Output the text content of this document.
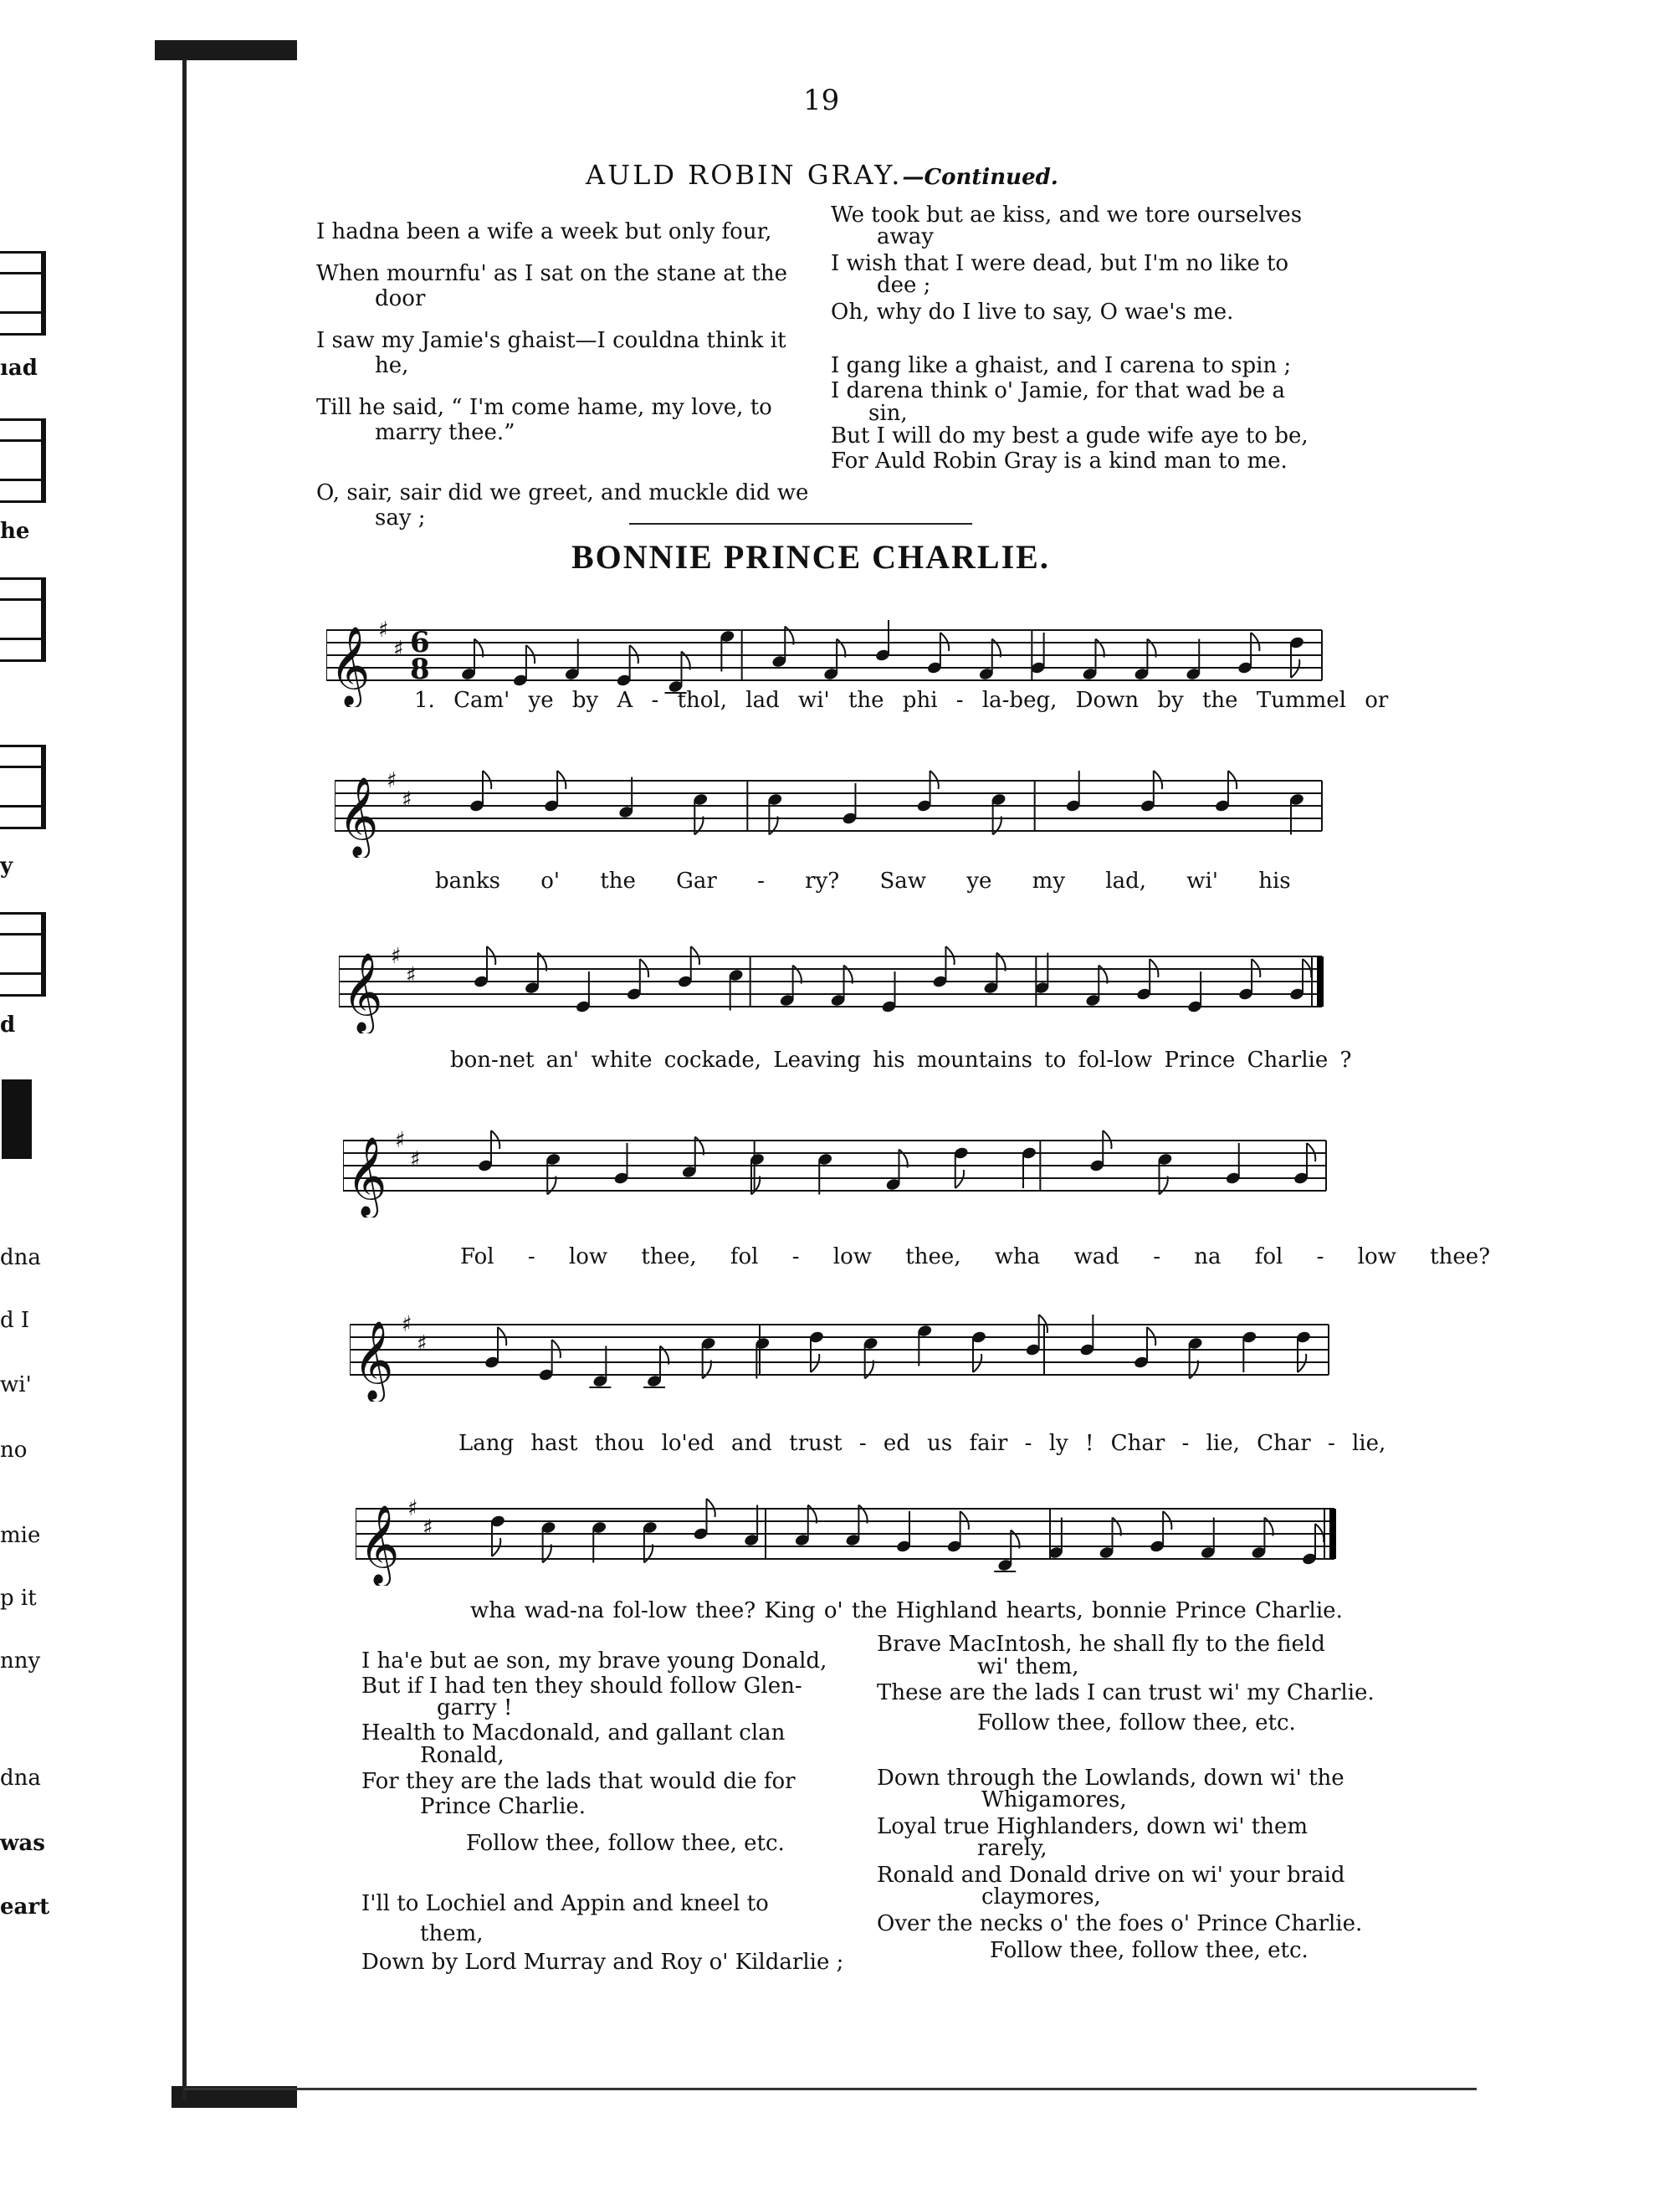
ıad
he
y
d
dna
d I
wi'
no
mie
p it
nny
dna
was
eart
19
AULD ROBIN GRAY.—Continued.
I hadna been a wife a week but only four,
When mournfu' as I sat on the stane at the
door
I saw my Jamie's ghaist—I couldna think it
he,
Till he said, “ I'm come hame, my love, to
marry thee.”
O, sair, sair did we greet, and muckle did we
say ;
We took but ae kiss, and we tore ourselves
away
I wish that I were dead, but I'm no like to
dee ;
Oh, why do I live to say, O wae's me.
I gang like a ghaist, and I carena to spin ;
I darena think o' Jamie, for that wad be a
sin,
But I will do my best a gude wife aye to be,
For Auld Robin Gray is a kind man to me.
BONNIE PRINCE CHARLIE.
𝄞 ♯
♯ 6
8
1. Cam' ye by A - thol, lad wi' the phi - la-beg, Down by the Tummel or
𝄞 ♯
♯
banks o' the Gar - ry? Saw ye my lad, wi' his
𝄞 ♯
♯
bon-net an' white cockade, Leaving his mountains to fol-low Prince Charlie ?
𝄞 ♯
♯
Fol - low thee, fol - low thee, wha wad - na fol - low thee?
𝄞 ♯
♯
Lang hast thou lo'ed and trust - ed us fair - ly ! Char - lie, Char - lie,
𝄞 ♯
♯
wha wad-na fol-low thee? King o' the Highland hearts, bonnie Prince Charlie.
I ha'e but ae son, my brave young Donald,
But if I had ten they should follow Glen-
garry !
Health to Macdonald, and gallant clan
Ronald,
For they are the lads that would die for
Prince Charlie.
Follow thee, follow thee, etc.
I'll to Lochiel and Appin and kneel to
them,
Down by Lord Murray and Roy o' Kildarlie ;
Brave MacIntosh, he shall fly to the field
wi' them,
These are the lads I can trust wi' my Charlie.
Follow thee, follow thee, etc.
Down through the Lowlands, down wi' the
Whigamores,
Loyal true Highlanders, down wi' them
rarely,
Ronald and Donald drive on wi' your braid
claymores,
Over the necks o' the foes o' Prince Charlie.
Follow thee, follow thee, etc.
